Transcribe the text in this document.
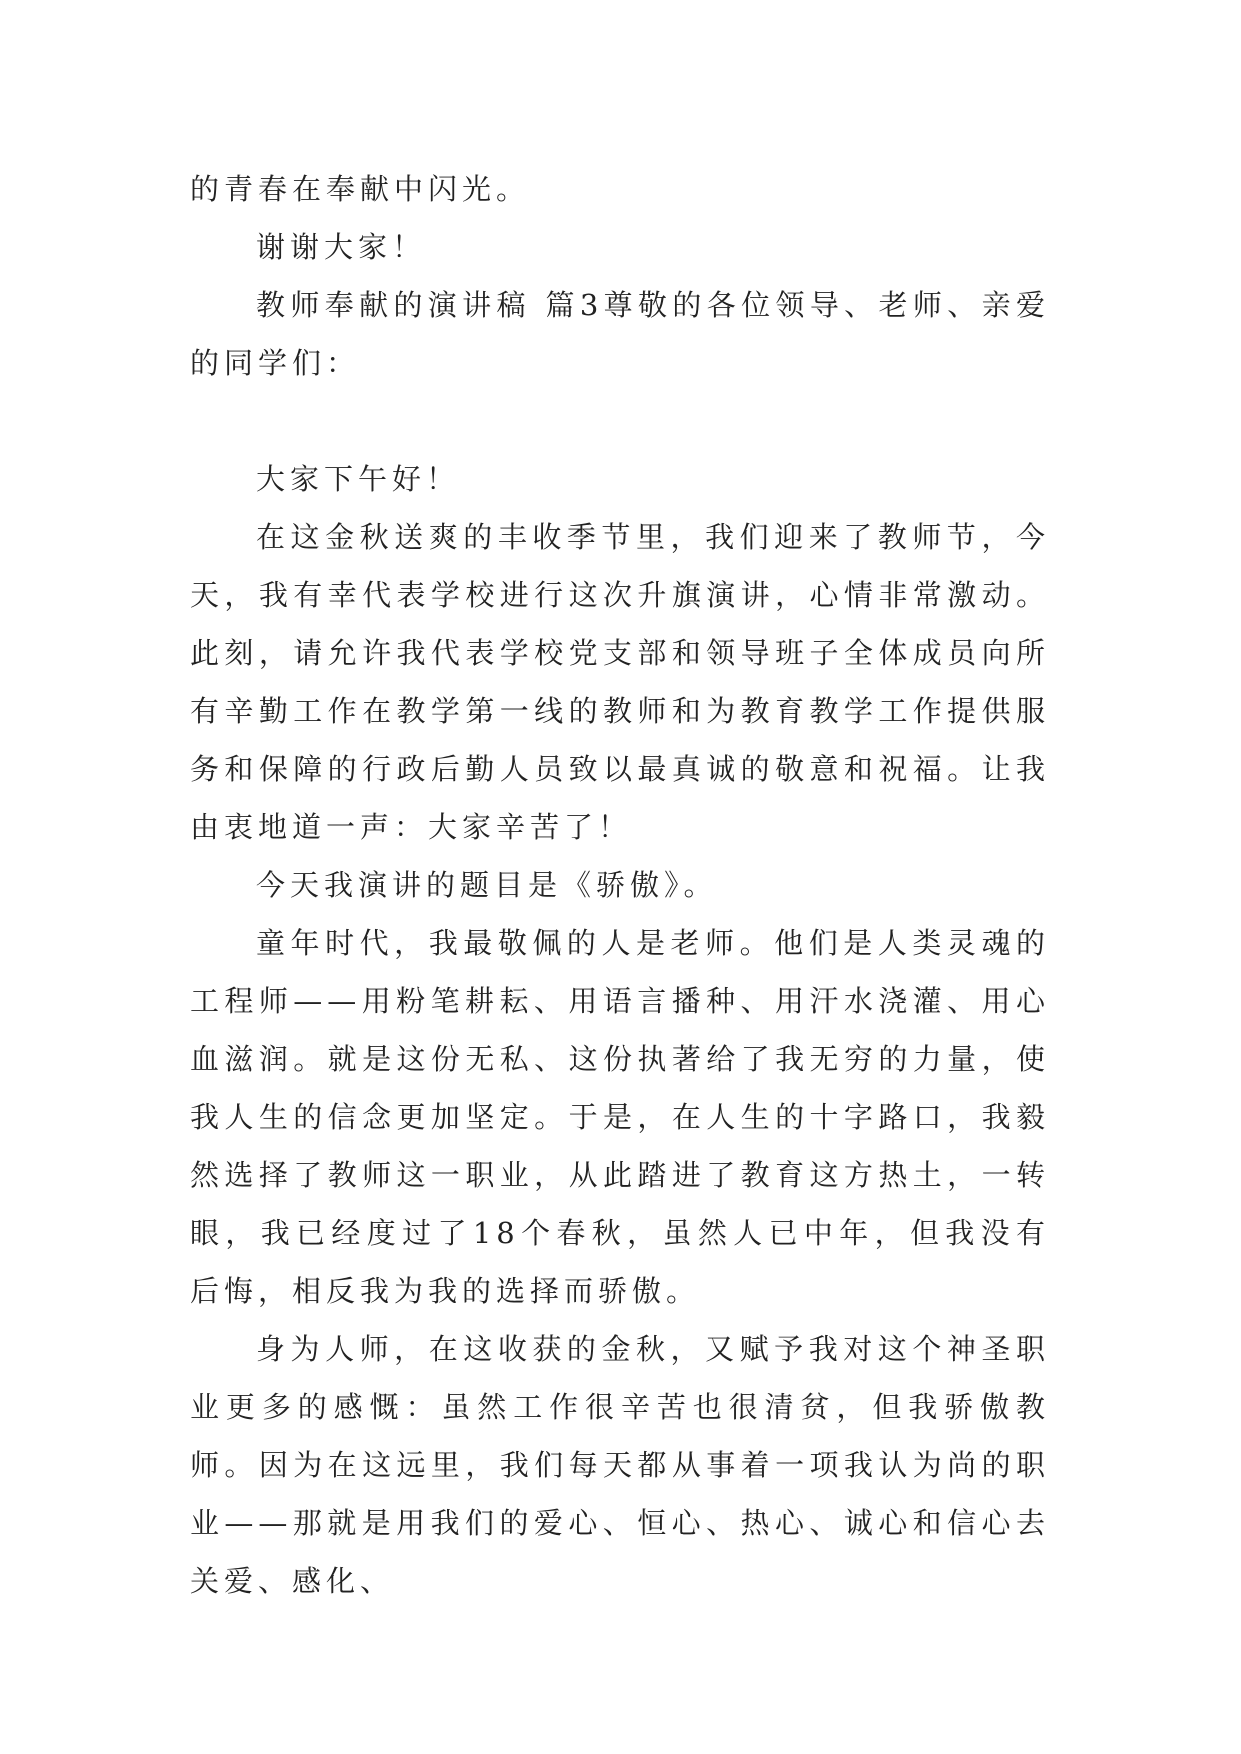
的青春在奉献中闪光。

谢谢大家！

教师奉献的演讲稿 篇3尊敬的各位领导、老师、亲爱的同学们：

大家下午好！

在这金秋送爽的丰收季节里，我们迎来了教师节，今天，我有幸代表学校进行这次升旗演讲，心情非常激动。此刻，请允许我代表学校党支部和领导班子全体成员向所有辛勤工作在教学第一线的教师和为教育教学工作提供服务和保障的行政后勤人员致以最真诚的敬意和祝福。让我由衷地道一声：大家辛苦了！

今天我演讲的题目是《骄傲》。

童年时代，我最敬佩的人是老师。他们是人类灵魂的工程师——用粉笔耕耘、用语言播种、用汗水浇灌、用心血滋润。就是这份无私、这份执著给了我无穷的力量，使我人生的信念更加坚定。于是，在人生的十字路口，我毅然选择了教师这一职业，从此踏进了教育这方热土，一转眼，我已经度过了18个春秋，虽然人已中年，但我没有后悔，相反我为我的选择而骄傲。

身为人师，在这收获的金秋，又赋予我对这个神圣职业更多的感慨：虽然工作很辛苦也很清贫，但我骄傲教师。因为在这远里，我们每天都从事着一项我认为尚的职业——那就是用我们的爱心、恒心、热心、诚心和信心去关爱、感化、
